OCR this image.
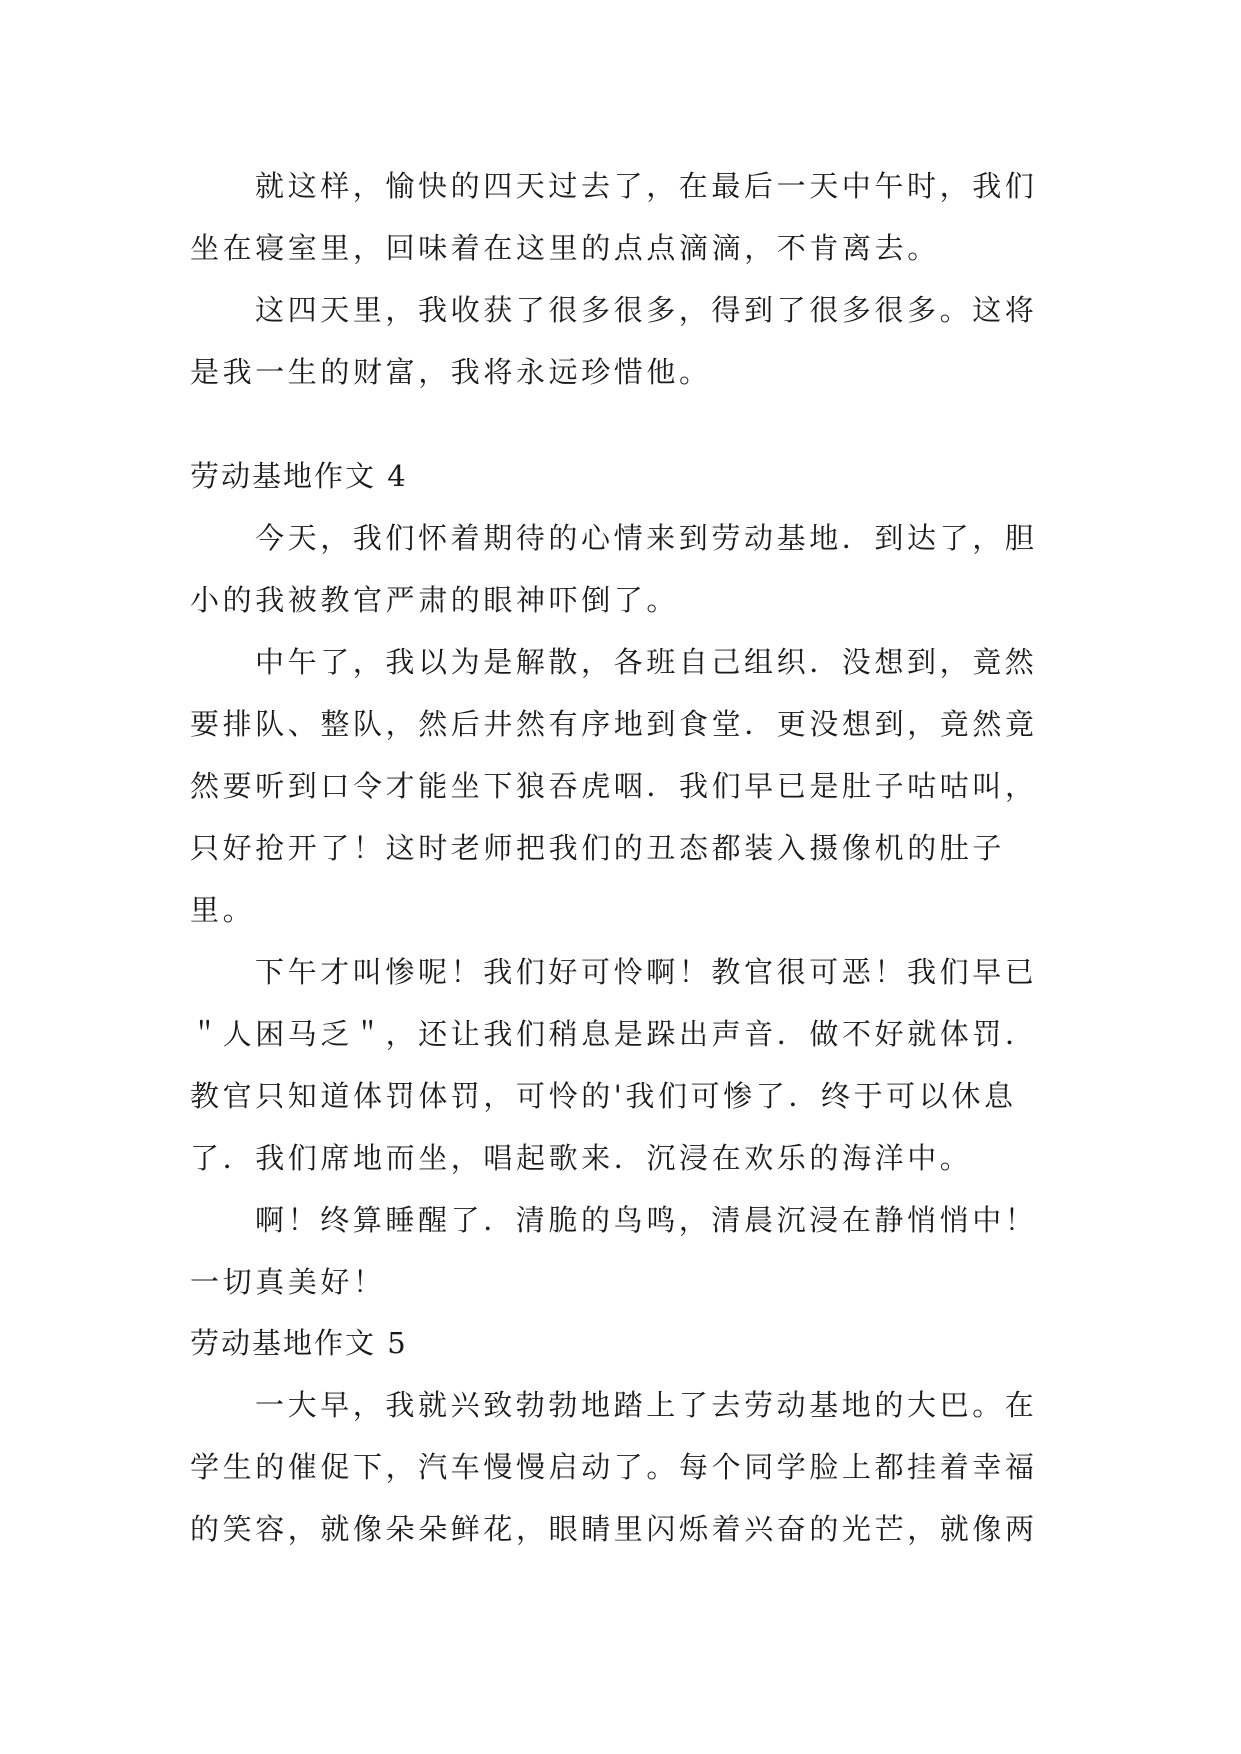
就这样，愉快的四天过去了，在最后一天中午时，我们坐在寝室里，回味着在这里的点点滴滴，不肯离去。

这四天里，我收获了很多很多，得到了很多很多。这将是我一生的财富，我将永远珍惜他。

劳动基地作文 4

今天，我们怀着期待的心情来到劳动基地．到达了，胆小的我被教官严肃的眼神吓倒了。

中午了，我以为是解散，各班自己组织．没想到，竟然要排队、整队，然后井然有序地到食堂．更没想到，竟然竟然要听到口令才能坐下狼吞虎咽．我们早已是肚子咕咕叫，只好抢开了！这时老师把我们的丑态都装入摄像机的肚子里。

下午才叫惨呢！我们好可怜啊！教官很可恶！我们早已＂人困马乏＂，还让我们稍息是跺出声音．做不好就体罚．教官只知道体罚体罚，可怜的'我们可惨了．终于可以休息了．我们席地而坐，唱起歌来．沉浸在欢乐的海洋中。

啊！终算睡醒了．清脆的鸟鸣，清晨沉浸在静悄悄中！一切真美好！

劳动基地作文 5

一大早，我就兴致勃勃地踏上了去劳动基地的大巴。在学生的催促下，汽车慢慢启动了。每个同学脸上都挂着幸福的笑容，就像朵朵鲜花，眼睛里闪烁着兴奋的光芒，就像两
